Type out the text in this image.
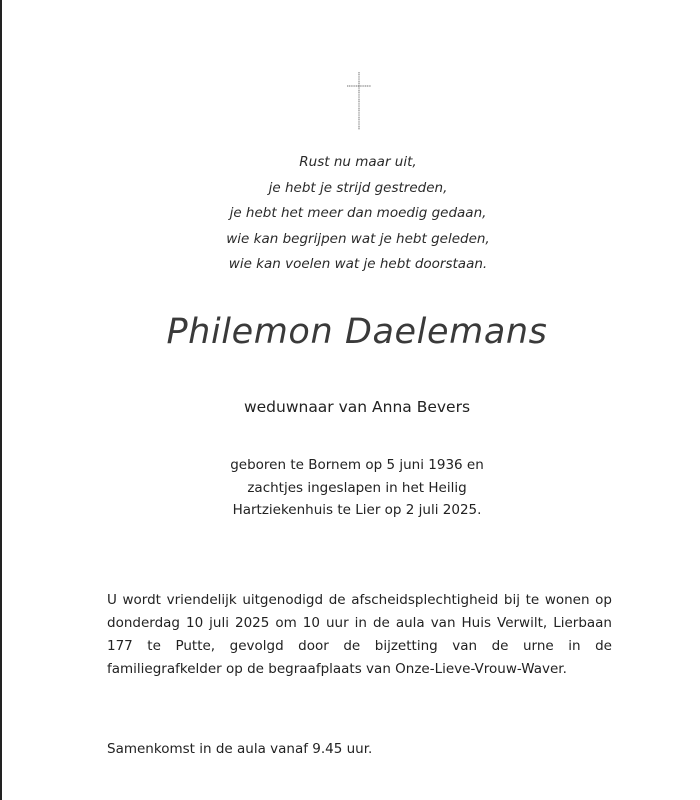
Rust nu maar uit,
je hebt je strijd gestreden,
je hebt het meer dan moedig gedaan,
wie kan begrijpen wat je hebt geleden,
wie kan voelen wat je hebt doorstaan.
Philemon Daelemans
weduwnaar van Anna Bevers
geboren te Bornem op 5 juni 1936 en
zachtjes ingeslapen in het Heilig
Hartziekenhuis te Lier op 2 juli 2025.
U wordt vriendelijk uitgenodigd de afscheidsplechtigheid bij te wonen op donderdag 10 juli 2025 om 10 uur in de aula van Huis Verwilt, Lierbaan 177 te Putte, gevolgd door de bijzetting van de urne in de familiegrafkelder op de begraafplaats van Onze-Lieve-Vrouw-Waver.
Samenkomst in de aula vanaf 9.45 uur.
